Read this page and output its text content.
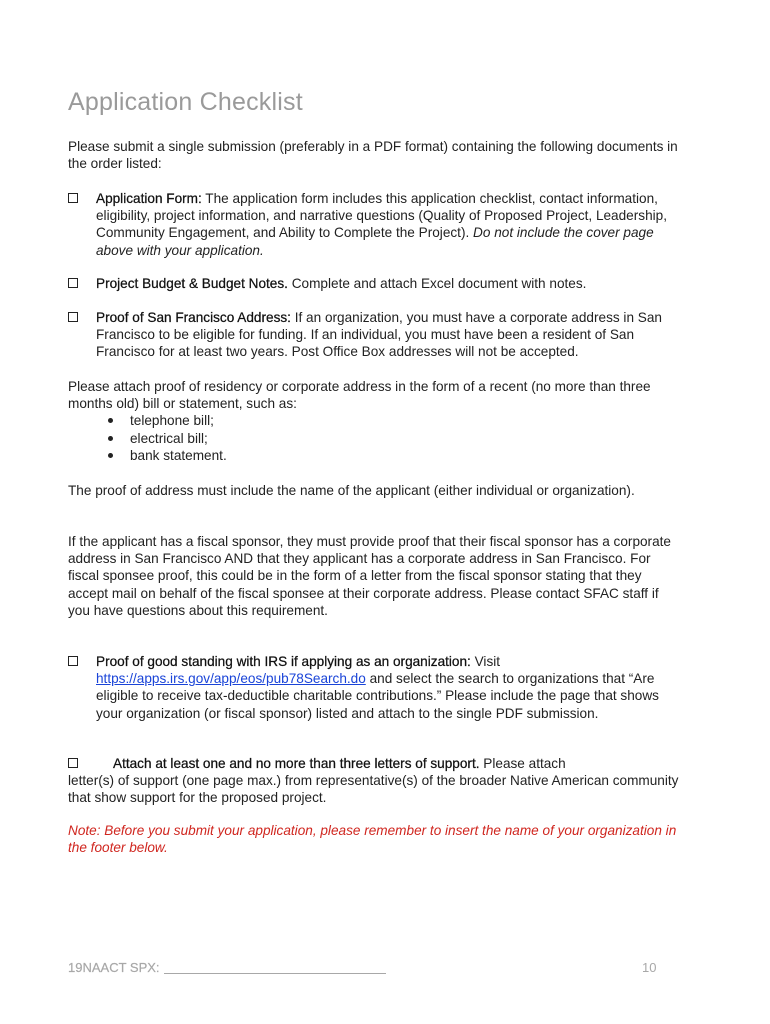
Application Checklist

Please submit a single submission (preferably in a PDF format) containing the following documents in the order listed:

Application Form: The application form includes this application checklist, contact information, eligibility, project information, and narrative questions (Quality of Proposed Project, Leadership, Community Engagement, and Ability to Complete the Project). Do not include the cover page above with your application.
Project Budget & Budget Notes. Complete and attach Excel document with notes.
Proof of San Francisco Address: If an organization, you must have a corporate address in San Francisco to be eligible for funding. If an individual, you must have been a resident of San Francisco for at least two years. Post Office Box addresses will not be accepted.

Please attach proof of residency or corporate address in the form of a recent (no more than three months old) bill or statement, such as:

telephone bill;
electrical bill;
bank statement.

The proof of address must include the name of the applicant (either individual or organization).

If the applicant has a fiscal sponsor, they must provide proof that their fiscal sponsor has a corporate address in San Francisco AND that they applicant has a corporate address in San Francisco. For fiscal sponsee proof, this could be in the form of a letter from the fiscal sponsor stating that they accept mail on behalf of the fiscal sponsee at their corporate address. Please contact SFAC staff if you have questions about this requirement.

Proof of good standing with IRS if applying as an organization: Visit https://apps.irs.gov/app/eos/pub78Search.do and select the search to organizations that “Are eligible to receive tax-deductible charitable contributions.” Please include the page that shows your organization (or fiscal sponsor) listed and attach to the single PDF submission.
Attach at least one and no more than three letters of support. Please attach
letter(s) of support (one page max.) from representative(s) of the broader Native American community that show support for the proposed project.
Note: Before you submit your application, please remember to insert the name of your organization in the footer below.
19NAACT SPX:	10
